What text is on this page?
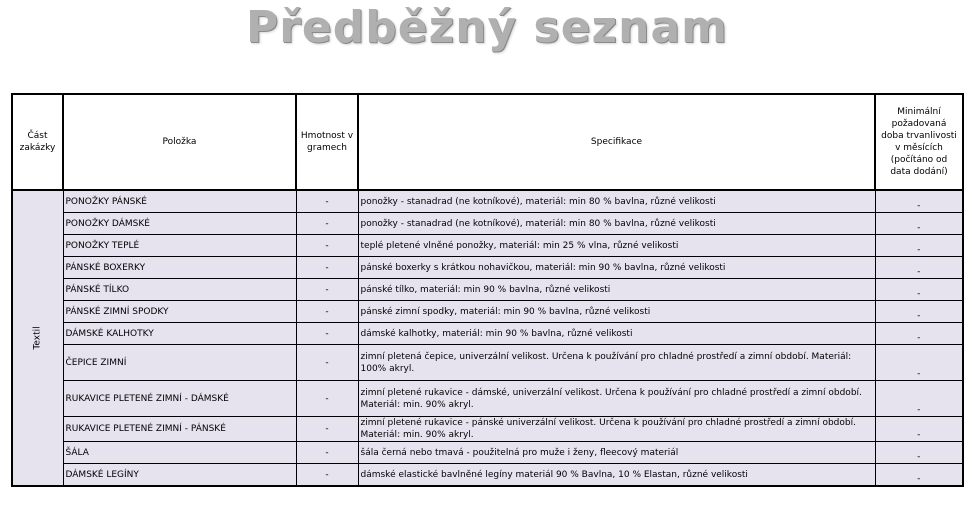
Předběžný seznam
Část zakázky	Položka	Hmotnost v gramech	Specifikace	Minimální požadovaná doba trvanlivosti v měsících (počítáno od data dodání)
Textil	PONOŽKY PÁNSKÉ	-	ponožky - stanadrad (ne kotníkové), materiál: min 80 % bavlna, různé velikosti	-
	PONOŽKY DÁMSKÉ	-	ponožky - stanadrad (ne kotníkové), materiál: min 80 % bavlna, různé velikosti	-
	PONOŽKY TEPLÉ	-	teplé pletené vlněné ponožky, materiál: min 25 % vlna, různé velikosti	-
	PÁNSKÉ BOXERKY	-	pánské boxerky s krátkou nohavičkou, materiál: min 90 % bavlna, různé velikosti	-
	PÁNSKÉ TÍLKO	-	pánské tílko, materiál: min 90 % bavlna, různé velikosti	-
	PÁNSKÉ ZIMNÍ SPODKY	-	pánské zimní spodky, materiál: min 90 % bavlna, různé velikosti	-
	DÁMSKÉ KALHOTKY	-	dámské kalhotky, materiál: min 90 % bavlna, různé velikosti	-
	ČEPICE ZIMNÍ	-	zimní pletená čepice, univerzální velikost. Určena k používání pro chladné prostředí a zimní období. Materiál: 100% akryl.	-
	RUKAVICE PLETENÉ ZIMNÍ - DÁMSKÉ	-	zimní pletené rukavice - dámské, univerzální velikost. Určena k používání pro chladné prostředí a zimní období. Materiál: min. 90% akryl.	-
	RUKAVICE PLETENÉ ZIMNÍ - PÁNSKÉ	-	zimní pletené rukavice - pánské univerzální velikost. Určena k používání pro chladné prostředí a zimní období. Materiál: min. 90% akryl.	-
	ŠÁLA	-	šála černá nebo tmavá - použitelná pro muže i ženy, fleecový materiál	-
	DÁMSKÉ LEGÍNY	-	dámské elastické bavlněné legíny materiál 90 % Bavlna, 10 % Elastan, různé velikosti	-
